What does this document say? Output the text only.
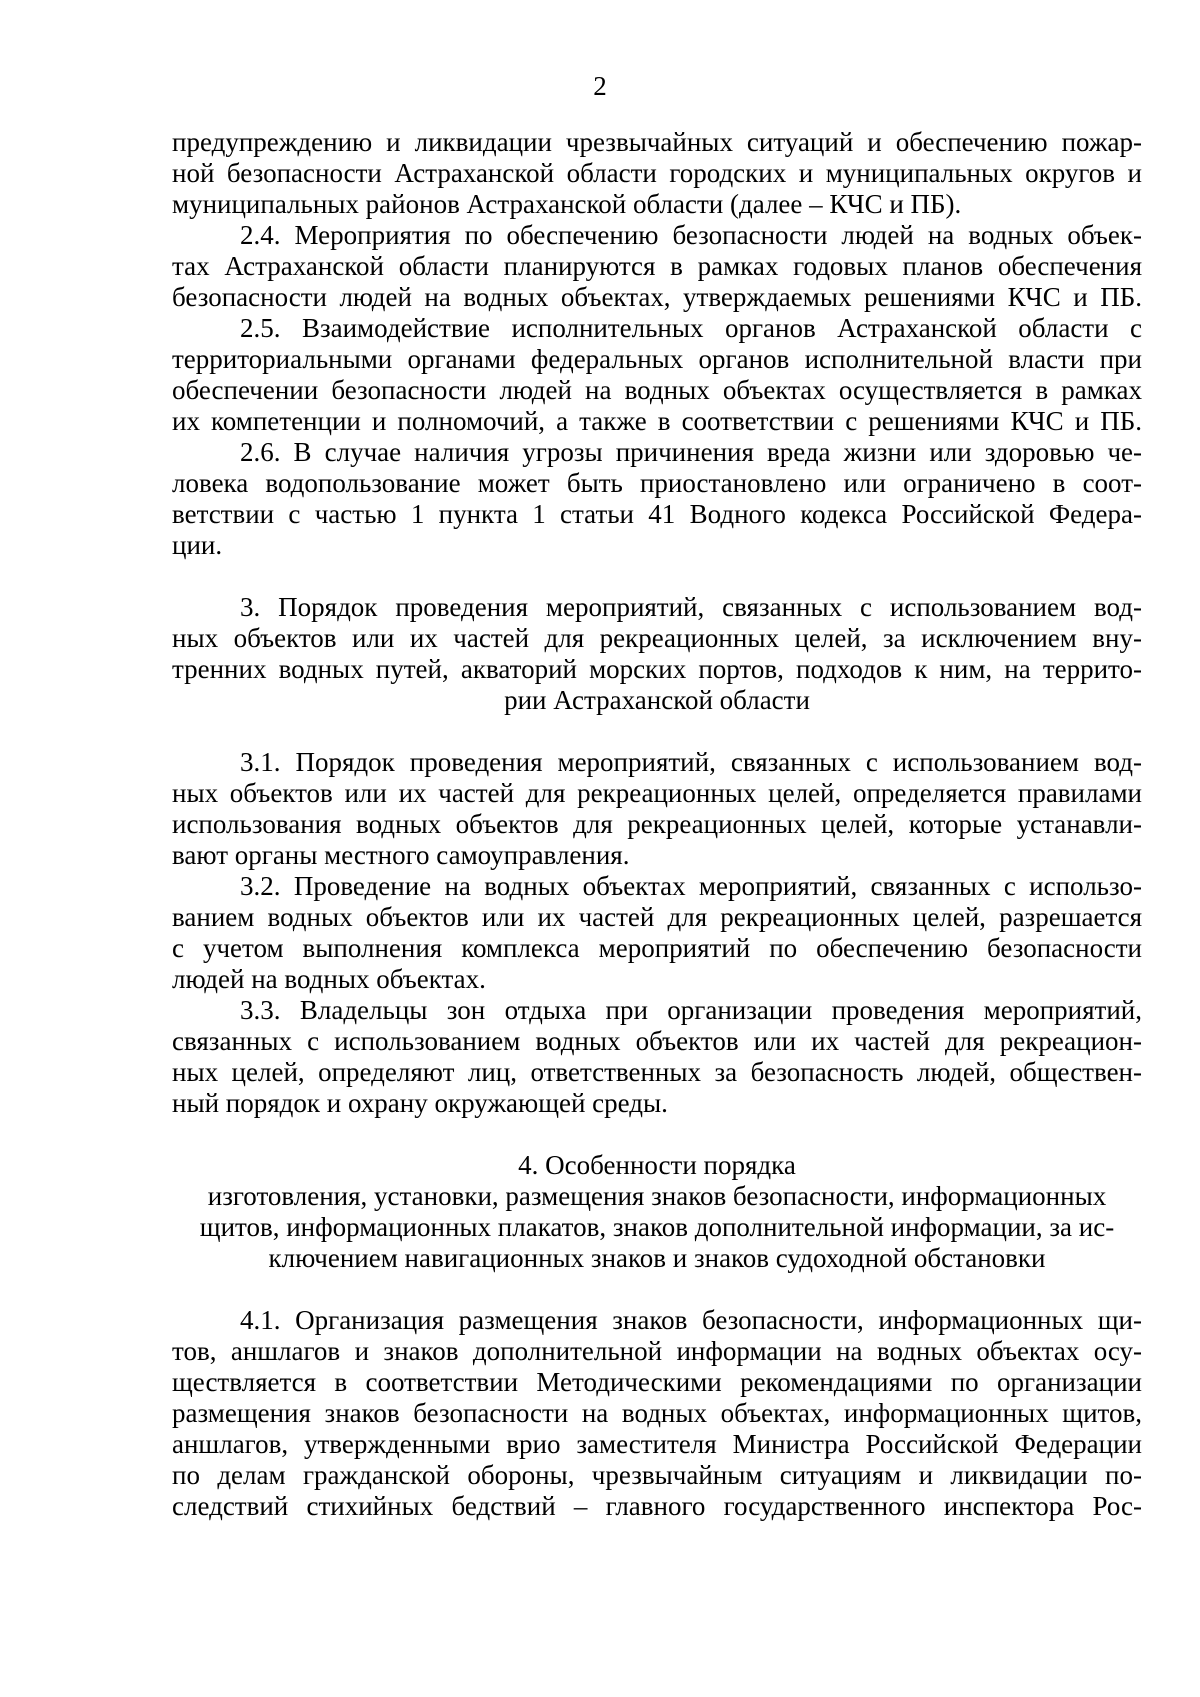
2
предупреждению и ликвидации чрезвычайных ситуаций и обеспечению пожар-
ной безопасности Астраханской области городских и муниципальных округов и
муниципальных районов Астраханской области (далее – КЧС и ПБ).
2.4. Мероприятия по обеспечению безопасности людей на водных объек-
тах Астраханской области планируются в рамках годовых планов обеспечения
безопасности людей на водных объектах, утверждаемых решениями КЧС и ПБ.
2.5. Взаимодействие исполнительных органов Астраханской области с
территориальными органами федеральных органов исполнительной власти при
обеспечении безопасности людей на водных объектах осуществляется в рамках
их компетенции и полномочий, а также в соответствии с решениями КЧС и ПБ.
2.6. В случае наличия угрозы причинения вреда жизни или здоровью че-
ловека водопользование может быть приостановлено или ограничено в соот-
ветствии с частью 1 пункта 1 статьи 41 Водного кодекса Российской Федера-
ции.
3. Порядок проведения мероприятий, связанных с использованием вод-
ных объектов или их частей для рекреационных целей, за исключением вну-
тренних водных путей, акваторий морских портов, подходов к ним, на террито-
рии Астраханской области
3.1. Порядок проведения мероприятий, связанных с использованием вод-
ных объектов или их частей для рекреационных целей, определяется правилами
использования водных объектов для рекреационных целей, которые устанавли-
вают органы местного самоуправления.
3.2. Проведение на водных объектах мероприятий, связанных с использо-
ванием водных объектов или их частей для рекреационных целей, разрешается
с учетом выполнения комплекса мероприятий по обеспечению безопасности
людей на водных объектах.
3.3. Владельцы зон отдыха при организации проведения мероприятий,
связанных с использованием водных объектов или их частей для рекреацион-
ных целей, определяют лиц, ответственных за безопасность людей, обществен-
ный порядок и охрану окружающей среды.
4. Особенности порядка
изготовления, установки, размещения знаков безопасности, информационных
щитов, информационных плакатов, знаков дополнительной информации, за ис-
ключением навигационных знаков и знаков судоходной обстановки
4.1. Организация размещения знаков безопасности, информационных щи-
тов, аншлагов и знаков дополнительной информации на водных объектах осу-
ществляется в соответствии Методическими рекомендациями по организации
размещения знаков безопасности на водных объектах, информационных щитов,
аншлагов, утвержденными врио заместителя Министра Российской Федерации
по делам гражданской обороны, чрезвычайным ситуациям и ликвидации по-
следствий стихийных бедствий – главного государственного инспектора Рос-
